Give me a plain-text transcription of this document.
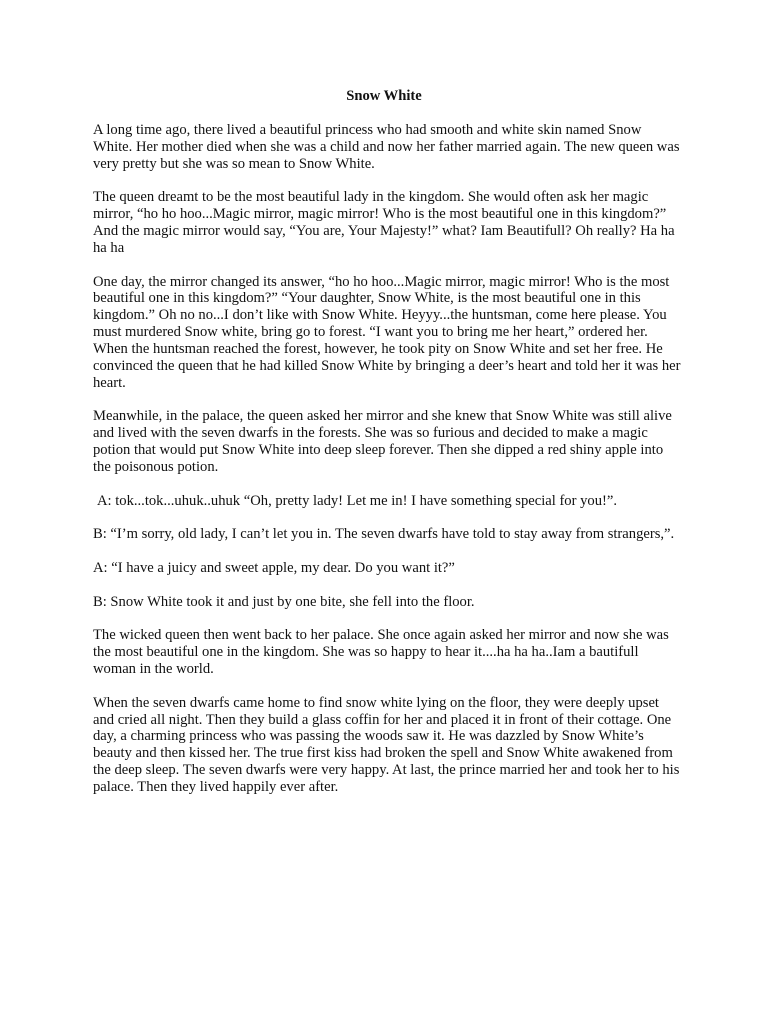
Snow White

A long time ago, there lived a beautiful princess who had smooth and white skin named Snow White. Her mother died when she was a child and now her father married again. The new queen was very pretty but she was so mean to Snow White.

The queen dreamt to be the most beautiful lady in the kingdom. She would often ask her magic mirror, “ho ho hoo...Magic mirror, magic mirror! Who is the most beautiful one in this kingdom?” And the magic mirror would say, “You are, Your Majesty!” what? Iam Beautifull? Oh really? Ha ha ha ha

One day, the mirror changed its answer, “ho ho hoo...Magic mirror, magic mirror! Who is the most beautiful one in this kingdom?” “Your daughter, Snow White, is the most beautiful one in this kingdom.” Oh no no...I don’t like with Snow White. Heyyy...the huntsman, come here please. You must murdered Snow white, bring go to forest. “I want you to bring me her heart,” ordered her. When the huntsman reached the forest, however, he took pity on Snow White and set her free. He convinced the queen that he had killed Snow White by bringing a deer’s heart and told her it was her heart.

Meanwhile, in the palace, the queen asked her mirror and she knew that Snow White was still alive and lived with the seven dwarfs in the forests. She was so furious and decided to make a magic potion that would put Snow White into deep sleep forever. Then she dipped a red shiny apple into the poisonous potion.

A: tok...tok...uhuk..uhuk “Oh, pretty lady! Let me in! I have something special for you!”.

B: “I’m sorry, old lady, I can’t let you in. The seven dwarfs have told to stay away from strangers,”.

A: “I have a juicy and sweet apple, my dear. Do you want it?”

B: Snow White took it and just by one bite, she fell into the floor.

The wicked queen then went back to her palace. She once again asked her mirror and now she was the most beautiful one in the kingdom. She was so happy to hear it....ha ha ha..Iam a bautifull woman in the world.

When the seven dwarfs came home to find snow white lying on the floor, they were deeply upset and cried all night. Then they build a glass coffin for her and placed it in front of their cottage. One day, a charming princess who was passing the woods saw it. He was dazzled by Snow White’s beauty and then kissed her. The true first kiss had broken the spell and Snow White awakened from the deep sleep. The seven dwarfs were very happy. At last, the prince married her and took her to his palace. Then they lived happily ever after.
